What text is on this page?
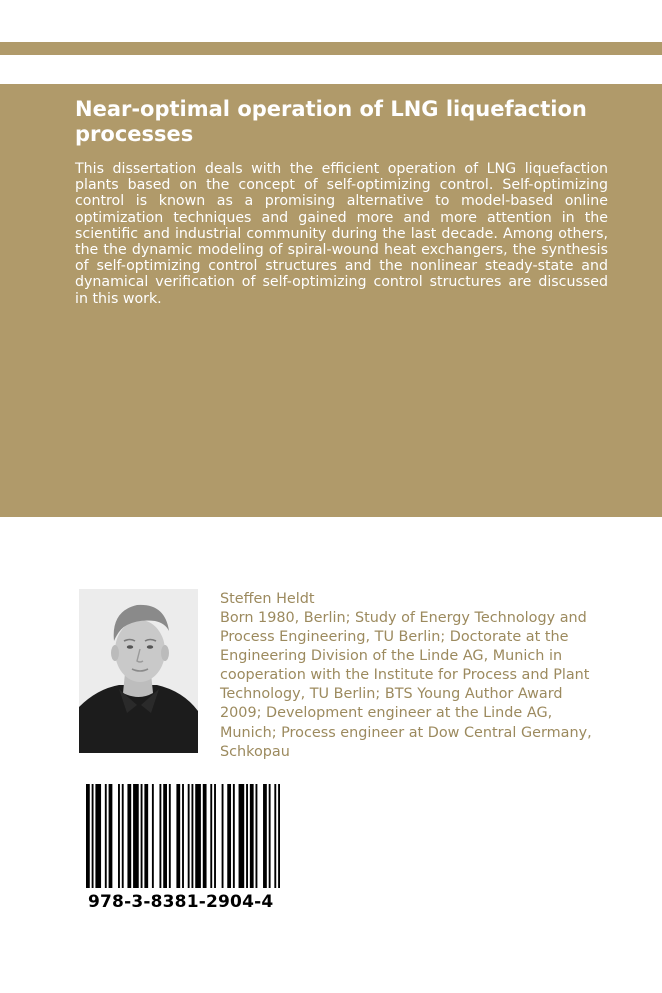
Near-optimal operation of LNG liquefaction processes

This dissertation deals with the efficient operation of LNG liquefaction plants based on the concept of self-optimizing control. Self-optimizing control is known as a promising alternative to model-based online optimization techniques and gained more and more attention in the scientific and industrial community during the last decade. Among others, the the dynamic modeling of spiral-wound heat exchangers, the synthesis of self-optimizing control structures and the nonlinear steady-state and dynamical verification of self-optimizing control structures are discussed in this work.

Steffen Heldt

Born 1980, Berlin; Study of Energy Technology and Process Engineering, TU Berlin; Doctorate at the Engineering Division of the Linde AG, Munich in cooperation with the Institute for Process and Plant Technology, TU Berlin; BTS Young Author Award 2009; Development engineer at the Linde AG, Munich; Process engineer at Dow Central Germany, Schkopau

978-3-8381-2904-4
